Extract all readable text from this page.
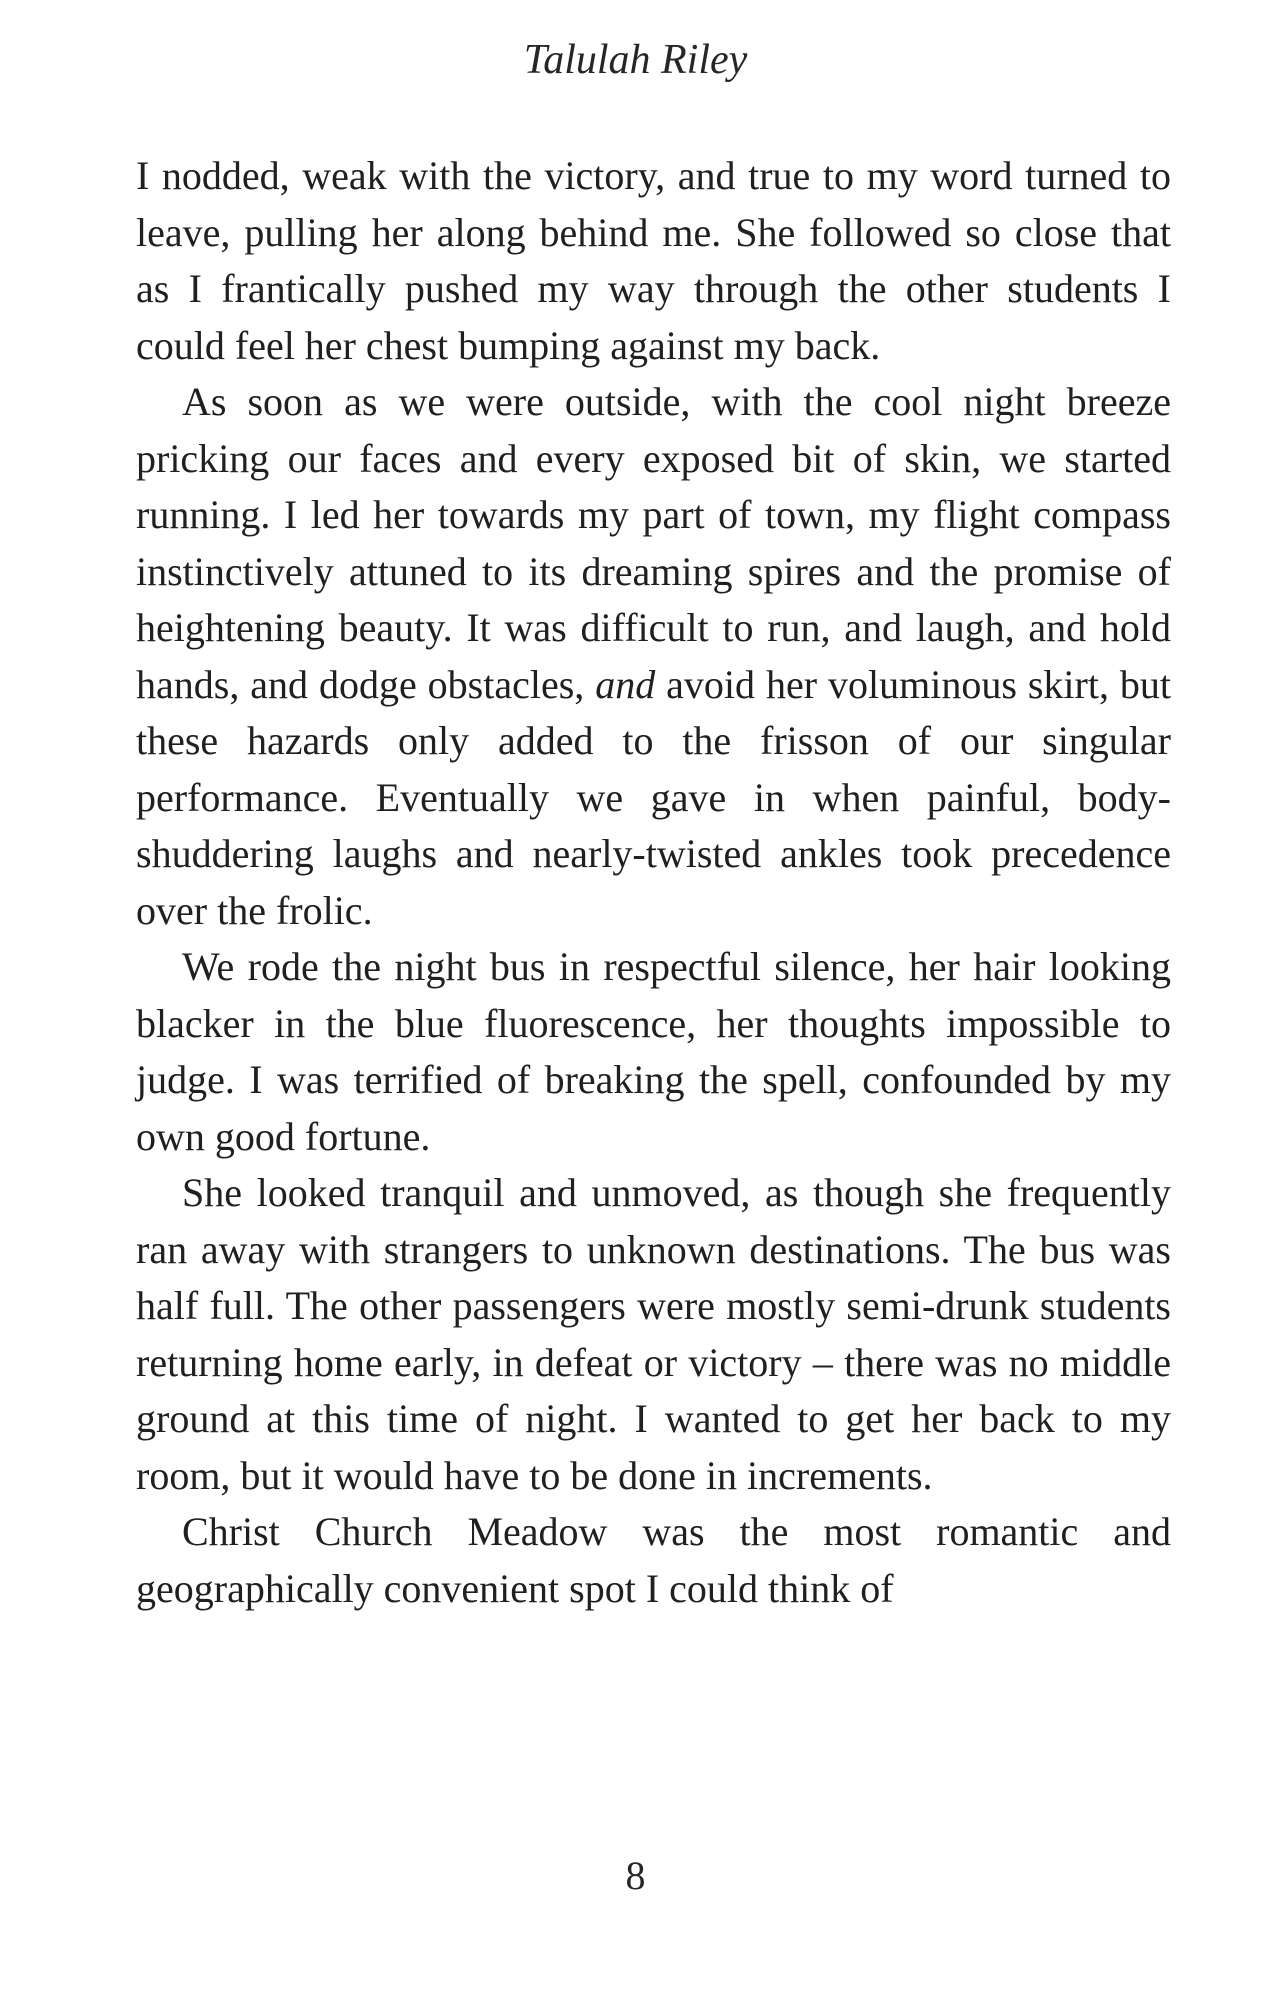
Talulah Riley

I nodded, weak with the victory, and true to my word turned to leave, pulling her along behind me. She followed so close that as I frantically pushed my way through the other students I could feel her chest bumping against my back.

As soon as we were outside, with the cool night breeze pricking our faces and every exposed bit of skin, we started running. I led her towards my part of town, my flight compass instinctively attuned to its dreaming spires and the promise of heightening beauty. It was difficult to run, and laugh, and hold hands, and dodge obstacles, and avoid her voluminous skirt, but these hazards only added to the frisson of our singular performance. Eventually we gave in when painful, body-shuddering laughs and nearly-twisted ankles took precedence over the frolic.

We rode the night bus in respectful silence, her hair looking blacker in the blue fluorescence, her thoughts impossible to judge. I was terrified of breaking the spell, confounded by my own good fortune.

She looked tranquil and unmoved, as though she frequently ran away with strangers to unknown destinations. The bus was half full. The other passengers were mostly semi-drunk students returning home early, in defeat or victory – there was no middle ground at this time of night. I wanted to get her back to my room, but it would have to be done in increments.

Christ Church Meadow was the most romantic and geographically convenient spot I could think of

8
